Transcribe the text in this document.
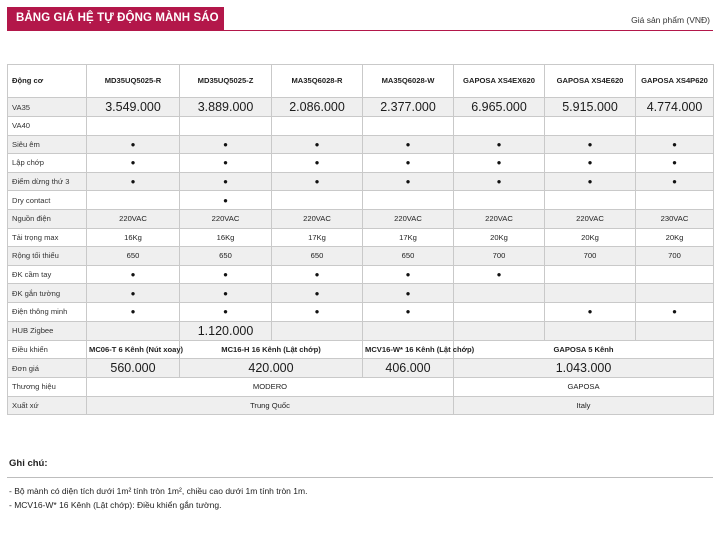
BẢNG GIÁ HỆ TỰ ĐỘNG MÀNH SÁO	Giá sản phẩm (VNĐ)
Động cơ	MD35UQ5025-R	MD35UQ5025-Z	MA35Q6028-R	MA35Q6028-W	GAPOSA XS4EX620	GAPOSA XS4E620	GAPOSA XS4P620
VA35	3.549.000	3.889.000	2.086.000	2.377.000	6.965.000	5.915.000	4.774.000
VA40							
Siêu êm	●	●	●	●	●	●	●
Lập chớp	●	●	●	●	●	●	●
Điểm dừng thứ 3	●	●	●	●	●	●	●
Dry contact		●					
Nguồn điện	220VAC	220VAC	220VAC	220VAC	220VAC	220VAC	230VAC
Tải trọng max	16Kg	16Kg	17Kg	17Kg	20Kg	20Kg	20Kg
Rộng tối thiểu	650	650	650	650	700	700	700
ĐK cầm tay	●	●	●	●	●		
ĐK gắn tường	●	●	●	●			
Điện thông minh	●	●	●	●		●	●
HUB Zigbee		1.120.000					
Điều khiển	MC06-T 6 Kênh (Nút xoay)	MC16-H 16 Kênh (Lật chớp)		MCV16-W* 16 Kênh (Lật chớp)	GAPOSA 5 Kênh		
Đơn giá	560.000	420.000		406.000	1.043.000		
Thương hiệu	MODERO				GAPOSA		
Xuất xứ	Trung Quốc				Italy		
Ghi chú:
- Bộ mành có diện tích dưới 1m² tính tròn 1m², chiều cao dưới 1m tính tròn 1m.
- MCV16-W* 16 Kênh (Lật chớp): Điều khiển gắn tường.
